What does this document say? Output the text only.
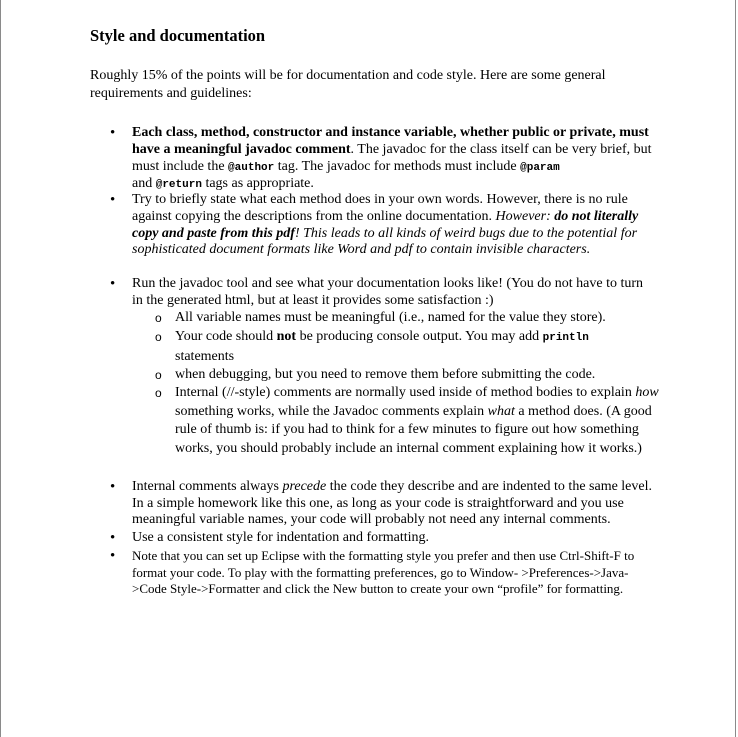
Style and documentation

Roughly 15% of the points will be for documentation and code style. Here are some general requirements and guidelines:

• Each class, method, constructor and instance variable, whether public or private, must have a meaningful javadoc comment. The javadoc for the class itself can be very brief, but must include the @author tag. The javadoc for methods must include @param
and @return tags as appropriate.

• Try to briefly state what each method does in your own words. However, there is no rule against copying the descriptions from the online documentation. However: do not literally copy and paste from this pdf! This leads to all kinds of weird bugs due to the potential for sophisticated document formats like Word and pdf to contain invisible characters.

• Run the javadoc tool and see what your documentation looks like! (You do not have to turn in the generated html, but at least it provides some satisfaction :)

o All variable names must be meaningful (i.e., named for the value they store).

o Your code should not be producing console output. You may add println
statements

o when debugging, but you need to remove them before submitting the code.

o Internal (//-style) comments are normally used inside of method bodies to explain how something works, while the Javadoc comments explain what a method does. (A good rule of thumb is: if you had to think for a few minutes to figure out how something works, you should probably include an internal comment explaining how it works.)

• Internal comments always precede the code they describe and are indented to the same level. In a simple homework like this one, as long as your code is straightforward and you use meaningful variable names, your code will probably not need any internal comments.

• Use a consistent style for indentation and formatting.

• Note that you can set up Eclipse with the formatting style you prefer and then use Ctrl-Shift-F to format your code. To play with the formatting preferences, go to Window- >Preferences->Java- >Code Style->Formatter and click the New button to create your own “profile” for formatting.
